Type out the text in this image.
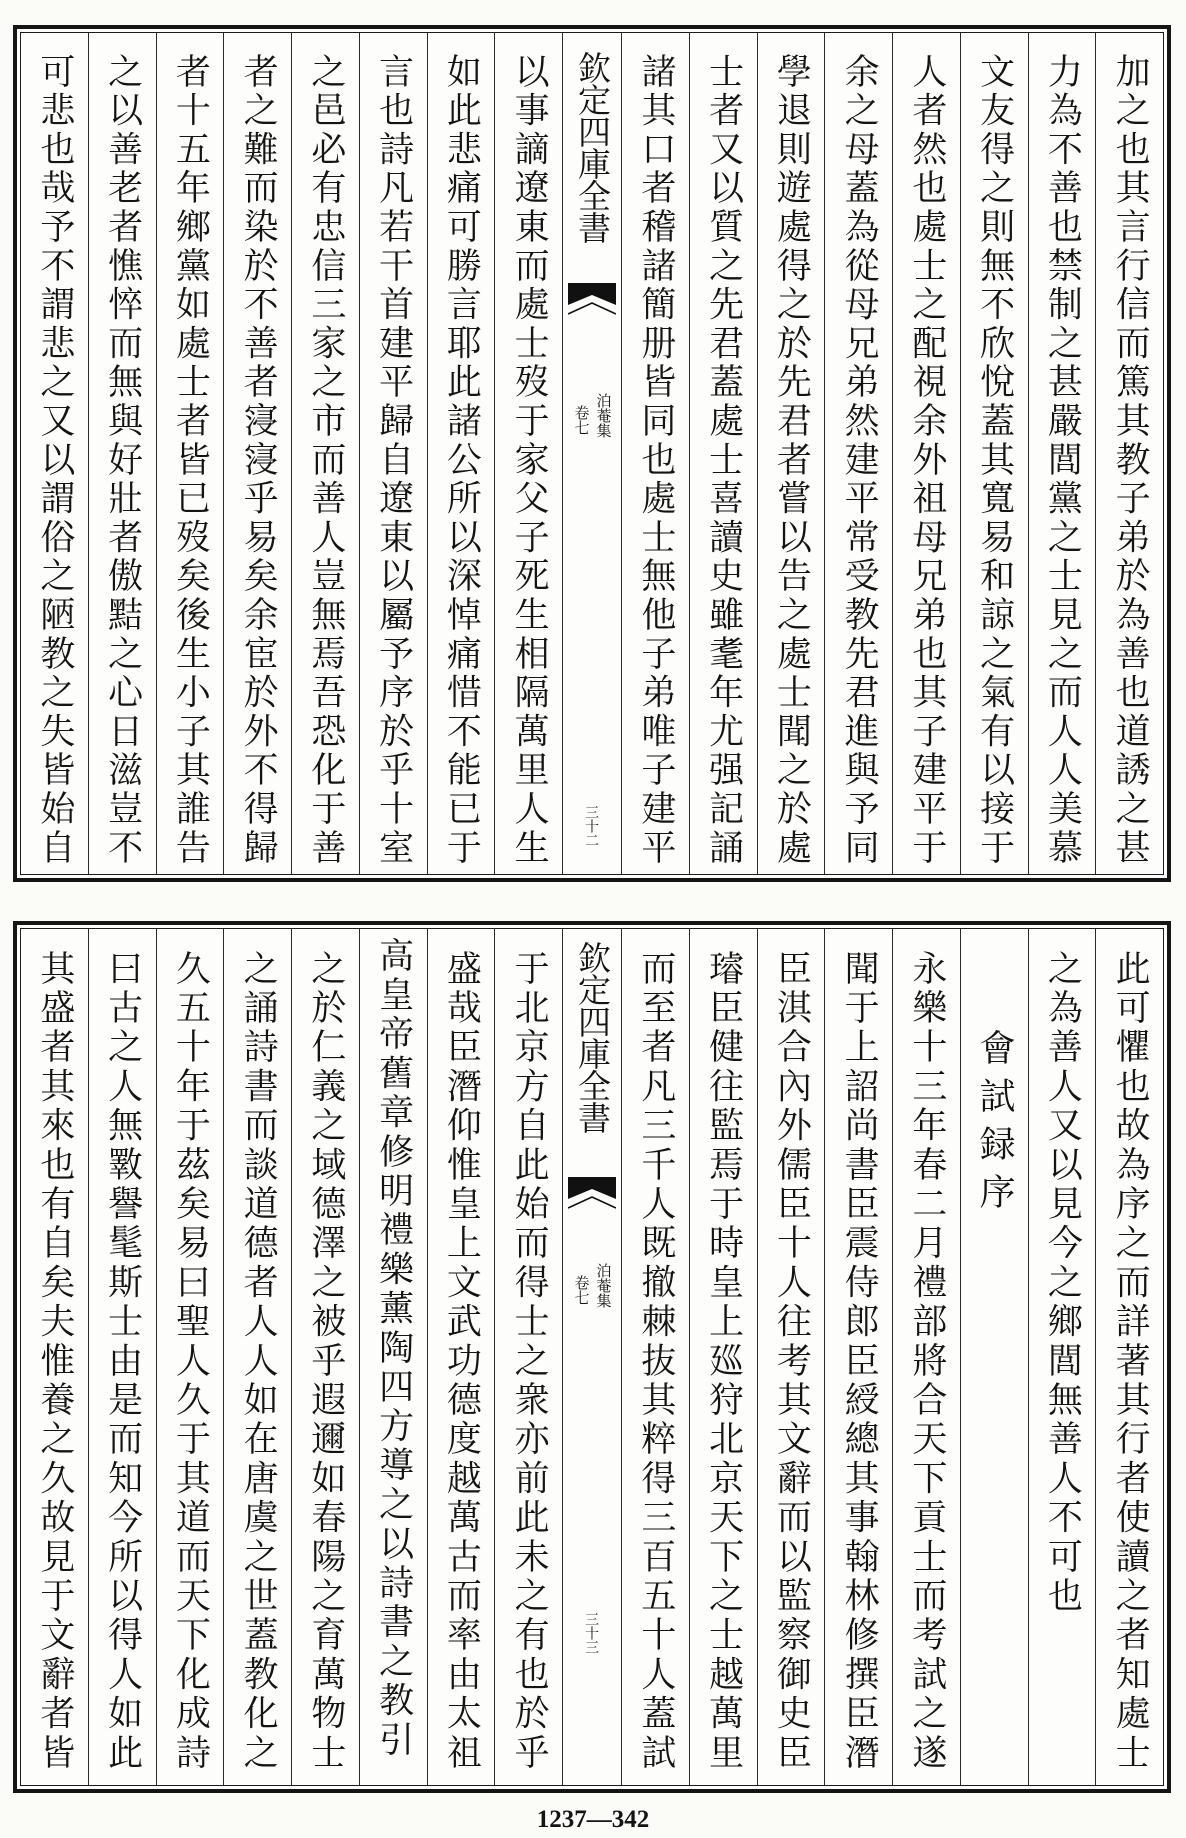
加之也其言行信而篤其教子弟於為善也道誘之甚
力為不善也禁制之甚嚴閭黨之士見之而人人美慕
文友得之則無不欣悅蓋其寬易和諒之氣有以接于
人者然也處士之配視余外祖母兄弟也其子建平于
余之母蓋為從母兄弟然建平常受教先君進與予同
學退則遊處得之於先君者嘗以告之處士聞之於處
士者又以質之先君蓋處士喜讀史雖耄年尤强記誦
諸其口者稽諸簡册皆同也處士無他子弟唯子建平
欽定四庫全書
泊菴集
卷七
三十二
以事謫遼東而處士歿于家父子死生相隔萬里人生
如此悲痛可勝言耶此諸公所以深悼痛惜不能已于
言也詩凡若干首建平歸自遼東以屬予序於乎十室
之邑必有忠信三家之市而善人豈無焉吾恐化于善
者之難而染於不善者寖寖乎易矣余宦於外不得歸
者十五年鄉黨如處士者皆已歿矣後生小子其誰告
之以善老者憔悴而無與好壯者傲黠之心日滋豈不
可悲也哉予不謂悲之又以謂俗之陋教之失皆始自
此可懼也故為序之而詳著其行者使讀之者知處士
之為善人又以見今之鄉閭無善人不可也
會試録序
永樂十三年春二月禮部將合天下貢士而考試之遂
聞于上詔尚書臣震侍郎臣綬總其事翰林修撰臣潛
臣淇合內外儒臣十人往考其文辭而以監察御史臣
璿臣健往監焉于時皇上廵狩北京天下之士越萬里
而至者凡三千人既撤棘抜其粹得三百五十人蓋試
欽定四庫全書
泊菴集
卷七
三十三
于北京方自此始而得士之衆亦前此未之有也於乎
盛哉臣潛仰惟皇上文武功德度越萬古而率由太祖
高皇帝舊章修明禮樂薰陶四方導之以詩書之教引
之於仁義之域德澤之被乎遐邇如春陽之育萬物士
之誦詩書而談道德者人人如在唐虞之世蓋教化之
久五十年于茲矣易曰聖人久于其道而天下化成詩
曰古之人無斁譽髦斯士由是而知今所以得人如此
其盛者其來也有自矣夫惟養之久故見于文辭者皆
1237—342
